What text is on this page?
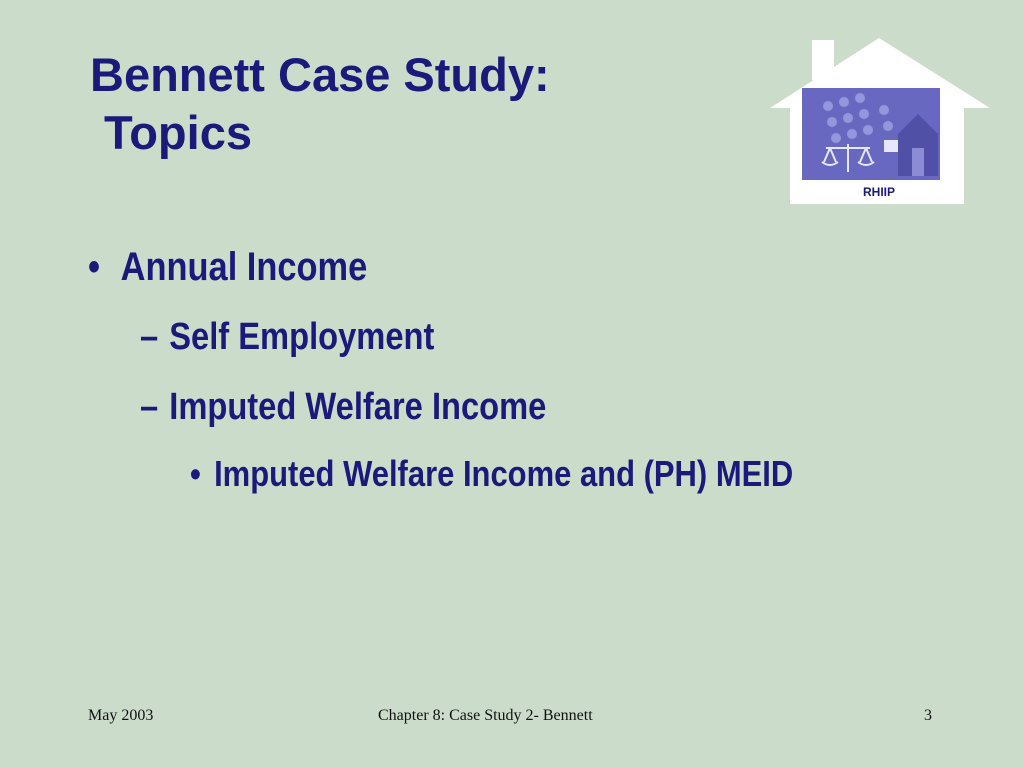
Bennett Case Study:
Topics
RHIIP
• Annual Income
– Self Employment
– Imputed Welfare Income
• Imputed Welfare Income and (PH) MEID
May 2003	Chapter 8: Case Study 2- Bennett	3
